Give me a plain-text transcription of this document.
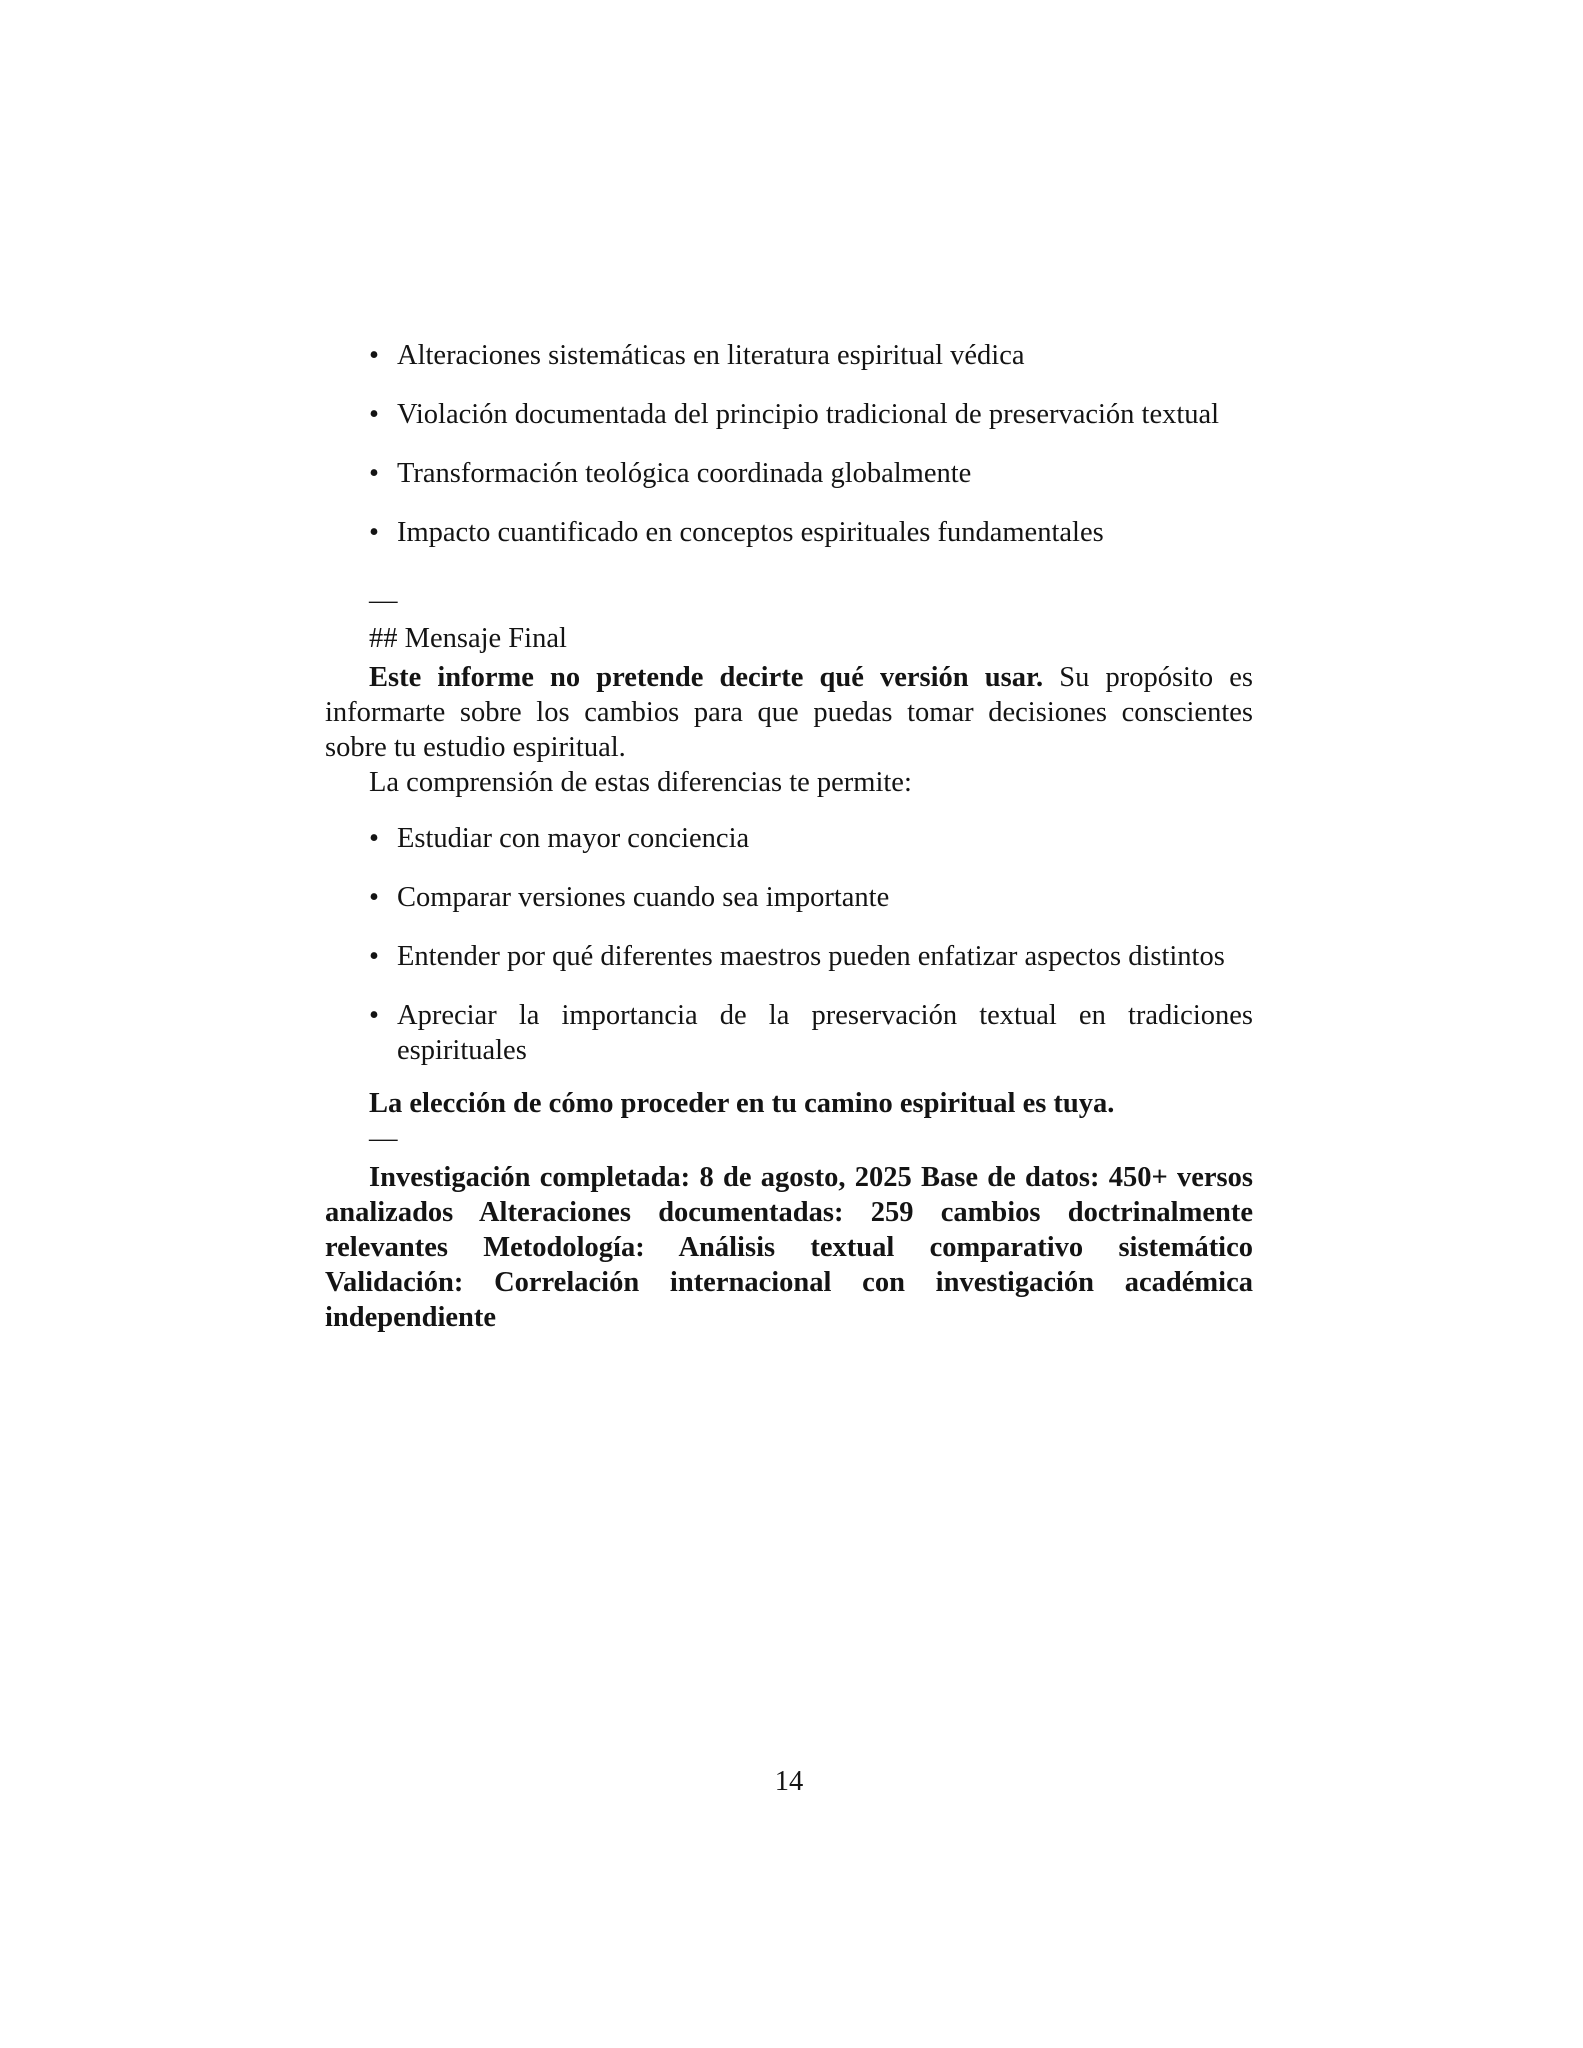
• Alteraciones sistemáticas en literatura espiritual védica
• Violación documentada del principio tradicional de preservación textual
• Transformación teológica coordinada globalmente
• Impacto cuantificado en conceptos espirituales fundamentales

—

## Mensaje Final

Este informe no pretende decirte qué versión usar. Su propósito es informarte sobre los cambios para que puedas tomar decisiones conscientes sobre tu estudio espiritual.

La comprensión de estas diferencias te permite:

• Estudiar con mayor conciencia
• Comparar versiones cuando sea importante
• Entender por qué diferentes maestros pueden enfatizar aspectos distintos
• Apreciar la importancia de la preservación textual en tradiciones espirituales

La elección de cómo proceder en tu camino espiritual es tuya.

—

Investigación completada: 8 de agosto, 2025 Base de datos: 450+ versos analizados Alteraciones documentadas: 259 cambios doctrinalmente relevantes Metodología: Análisis textual comparativo sistemático Validación: Correlación internacional con investigación académica independiente

14
